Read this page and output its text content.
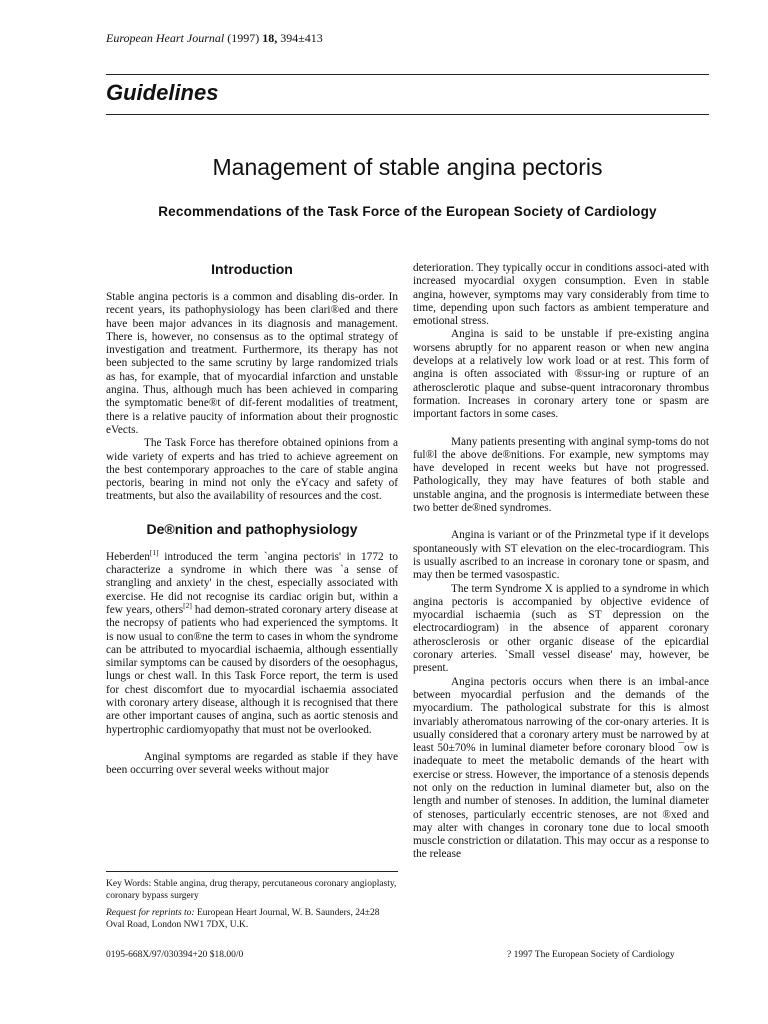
European Heart Journal (1997) 18, 394±413
Guidelines
Management of stable angina pectoris
Recommendations of the Task Force of the European Society of Cardiology
Introduction

Stable angina pectoris is a common and disabling dis-order. In recent years, its pathophysiology has been clari®ed and there have been major advances in its diagnosis and management. There is, however, no consensus as to the optimal strategy of investigation and treatment. Furthermore, its therapy has not been subjected to the same scrutiny by large randomized trials as has, for example, that of myocardial infarction and unstable angina. Thus, although much has been achieved in comparing the symptomatic bene®t of dif-ferent modalities of treatment, there is a relative paucity of information about their prognostic eVects.

The Task Force has therefore obtained opinions from a wide variety of experts and has tried to achieve agreement on the best contemporary approaches to the care of stable angina pectoris, bearing in mind not only the eYcacy and safety of treatments, but also the availability of resources and the cost.

De®nition and pathophysiology

Heberden[1] introduced the term `angina pectoris' in 1772 to characterize a syndrome in which there was `a sense of strangling and anxiety' in the chest, especially associated with exercise. He did not recognise its cardiac origin but, within a few years, others[2] had demon-strated coronary artery disease at the necropsy of patients who had experienced the symptoms. It is now usual to con®ne the term to cases in whom the syndrome can be attributed to myocardial ischaemia, although essentially similar symptoms can be caused by disorders of the oesophagus, lungs or chest wall. In this Task Force report, the term is used for chest discomfort due to myocardial ischaemia associated with coronary artery disease, although it is recognised that there are other important causes of angina, such as aortic stenosis and hypertrophic cardiomyopathy that must not be overlooked.

Anginal symptoms are regarded as stable if they have been occurring over several weeks without major

Key Words: Stable angina, drug therapy, percutaneous coronary angioplasty, coronary bypass surgery
Request for reprints to: European Heart Journal, W. B. Saunders, 24±28 Oval Road, London NW1 7DX, U.K.

deterioration. They typically occur in conditions associ-ated with increased myocardial oxygen consumption. Even in stable angina, however, symptoms may vary considerably from time to time, depending upon such factors as ambient temperature and emotional stress.

Angina is said to be unstable if pre-existing angina worsens abruptly for no apparent reason or when new angina develops at a relatively low work load or at rest. This form of angina is often associated with ®ssur-ing or rupture of an atherosclerotic plaque and subse-quent intracoronary thrombus formation. Increases in coronary artery tone or spasm are important factors in some cases.

Many patients presenting with anginal symp-toms do not ful®l the above de®nitions. For example, new symptoms may have developed in recent weeks but have not progressed. Pathologically, they may have features of both stable and unstable angina, and the prognosis is intermediate between these two better de®ned syndromes.

Angina is variant or of the Prinzmetal type if it develops spontaneously with ST elevation on the elec-trocardiogram. This is usually ascribed to an increase in coronary tone or spasm, and may then be termed vasospastic.

The term Syndrome X is applied to a syndrome in which angina pectoris is accompanied by objective evidence of myocardial ischaemia (such as ST depression on the electrocardiogram) in the absence of apparent coronary atherosclerosis or other organic disease of the epicardial coronary arteries. `Small vessel disease' may, however, be present.

Angina pectoris occurs when there is an imbal-ance between myocardial perfusion and the demands of the myocardium. The pathological substrate for this is almost invariably atheromatous narrowing of the cor-onary arteries. It is usually considered that a coronary artery must be narrowed by at least 50±70% in luminal diameter before coronary blood ¯ow is inadequate to meet the metabolic demands of the heart with exercise or stress. However, the importance of a stenosis depends not only on the reduction in luminal diameter but, also on the length and number of stenoses. In addition, the luminal diameter of stenoses, particularly eccentric stenoses, are not ®xed and may alter with changes in coronary tone due to local smooth muscle constriction or dilatation. This may occur as a response to the release

0195-668X/97/030394+20 $18.00/0	? 1997 The European Society of Cardiology
